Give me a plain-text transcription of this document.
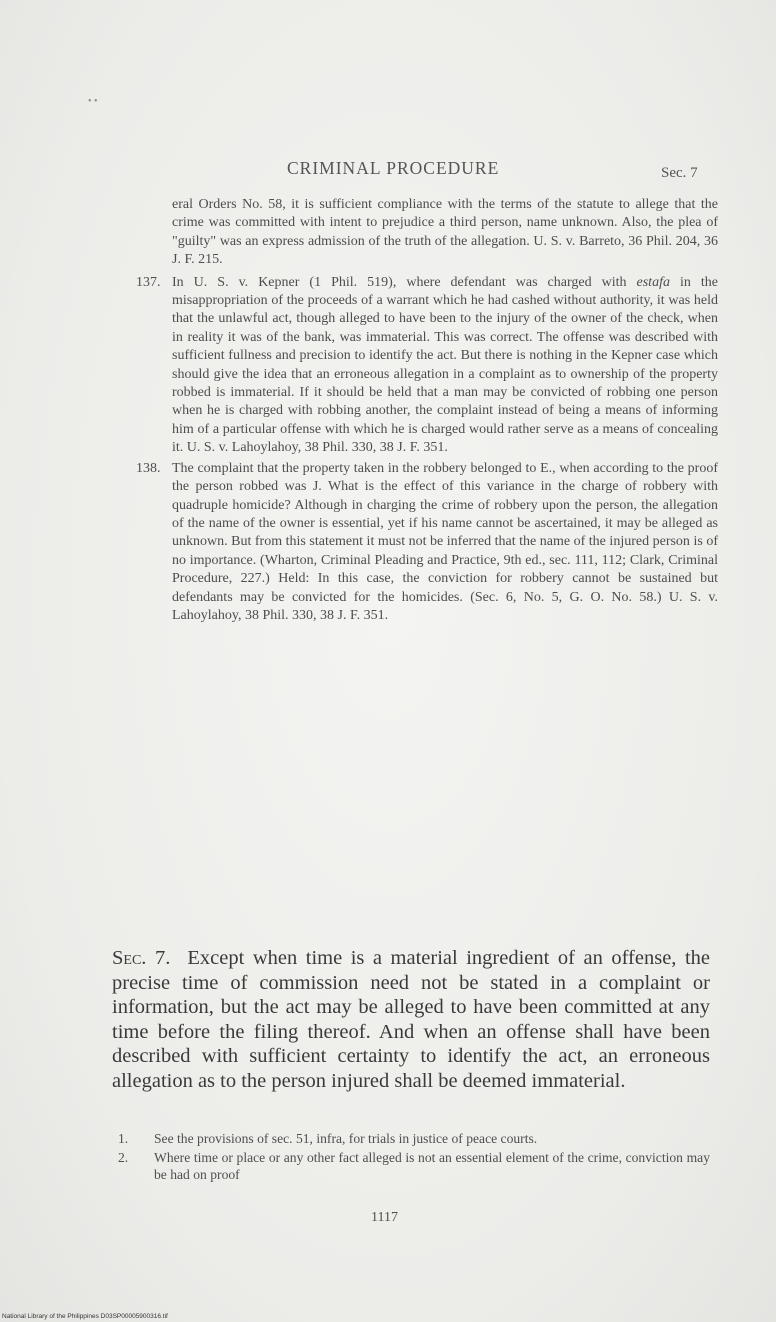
• •
CRIMINAL PROCEDURE	Sec. 7

eral Orders No. 58, it is sufficient compliance with the terms of the statute to allege that the crime was committed with intent to prejudice a third person, name unknown. Also, the plea of "guilty" was an express admission of the truth of the allegation. U. S. v. Barreto, 36 Phil. 204, 36 J. F. 215.

137. In U. S. v. Kepner (1 Phil. 519), where defendant was charged with estafa in the misappropriation of the proceeds of a warrant which he had cashed without authority, it was held that the unlawful act, though alleged to have been to the injury of the owner of the check, when in reality it was of the bank, was immaterial. This was correct. The offense was described with sufficient fullness and precision to identify the act. But there is nothing in the Kepner case which should give the idea that an erroneous allegation in a complaint as to ownership of the property robbed is immaterial. If it should be held that a man may be convicted of robbing one person when he is charged with robbing another, the complaint instead of being a means of informing him of a particular offense with which he is charged would rather serve as a means of concealing it. U. S. v. Lahoylahoy, 38 Phil. 330, 38 J. F. 351.
138. The complaint that the property taken in the robbery belonged to E., when according to the proof the person robbed was J. What is the effect of this variance in the charge of robbery with quadruple homicide? Although in charging the crime of robbery upon the person, the allegation of the name of the owner is essential, yet if his name cannot be ascertained, it may be alleged as unknown. But from this statement it must not be inferred that the name of the injured person is of no importance. (Wharton, Criminal Pleading and Practice, 9th ed., sec. 111, 112; Clark, Criminal Procedure, 227.) Held: In this case, the conviction for robbery cannot be sustained but defendants may be convicted for the homicides. (Sec. 6, No. 5, G. O. No. 58.) U. S. v. Lahoylahoy, 38 Phil. 330, 38 J. F. 351.
Sec. 7. Except when time is a material ingredient of an offense, the precise time of commission need not be stated in a complaint or information, but the act may be alleged to have been committed at any time before the filing thereof. And when an offense shall have been described with sufficient certainty to identify the act, an erroneous allegation as to the person injured shall be deemed immaterial.
1. See the provisions of sec. 51, infra, for trials in justice of peace courts.
2. Where time or place or any other fact alleged is not an essential element of the crime, conviction may be had on proof
1117
National Library of the Philippines D03SP00005900316.tif
